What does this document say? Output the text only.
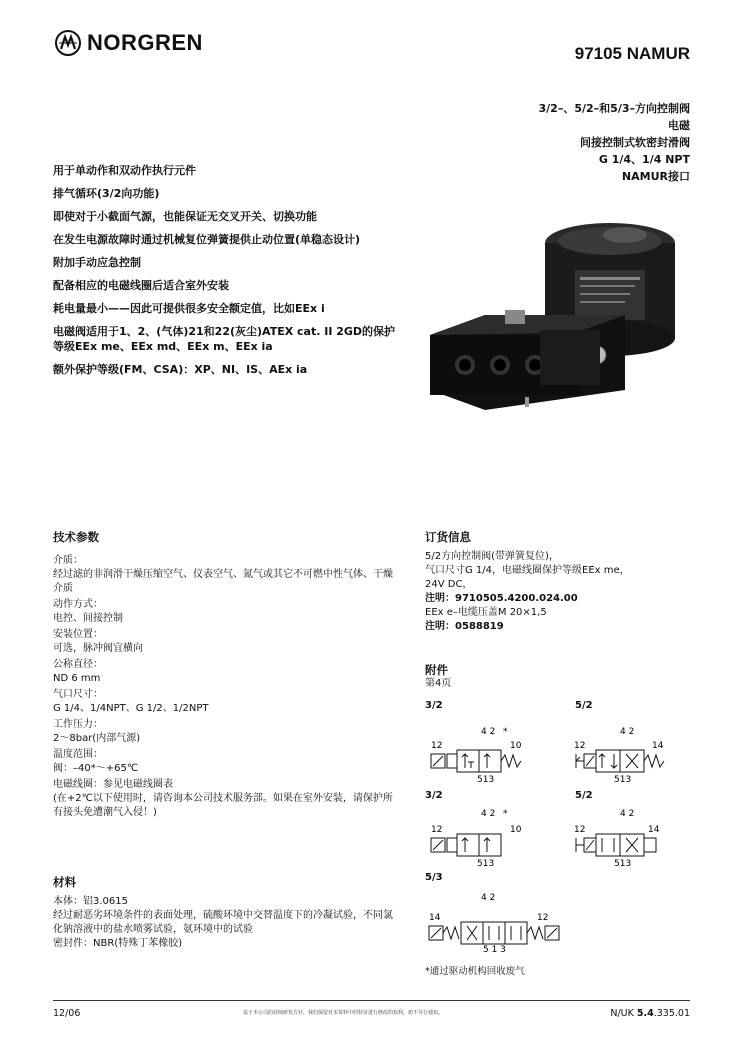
NORGREN	97105 NAMUR
3/2–、5/2–和5/3–方向控制阀
电磁
间接控制式软密封滑阀
G 1/4、1/4 NPT
NAMUR接口
用于单动作和双动作执行元件
排气循环(3/2向功能)
即使对于小截面气源，也能保证无交叉开关、切换功能
在发生电源故障时通过机械复位弹簧提供止动位置(单稳态设计)
附加手动应急控制
配备相应的电磁线圈后适合室外安装
耗电量最小——因此可提供很多安全额定值，比如EEx i
电磁阀适用于1、2、(气体)21和22(灰尘)ATEX cat. II 2GD的保护等级EEx me、EEx md、EEx m、EEx ia
额外保护等级(FM、CSA)：XP、NI、IS、AEx ia
技术参数
介质：
经过滤的非润滑干燥压缩空气、仪表空气、氮气或其它不可燃中性气体、干燥介质
动作方式：
电控、间接控制
安装位置：
可选，脉冲阀宜横向
公称直径：
ND 6 mm
气口尺寸：
G 1/4、1/4NPT、G 1/2、1/2NPT
工作压力：
2～8bar(内部气源)
温度范围：
阀：–40*～+65℃
电磁线圈：参见电磁线圈表
(在+2℃以下使用时，请咨询本公司技术服务部。如果在室外安装，请保护所有接头免遭潮气入侵！)
材料
本体：铝3.0615
经过耐恶劣环境条件的表面处理，硫酸环境中交替温度下的冷凝试验，不同氯化钠溶液中的盐水喷雾试验，氨环境中的试验
密封件：NBR(特殊丁苯橡胶)
订货信息
5/2方向控制阀(带弹簧复位)，
气口尺寸G 1/4，电磁线圈保护等级EEx me，
24V DC，
注明：9710505.4200.024.00
EEx e–电缆压盖M 20×1,5
注明：0588819
附件
第4页
3/2
12
4 2 *
10
513
5/2
12
4 2
14
513
3/2
12
4 2 *
10
513
5/2
12
4 2
14
513
5/3
14
4 2
12
5 1 3
*通过驱动机构回收废气
12/06	基于本公司的持续研发方针，我们保留对本资料中的特征进行修改的权利，恕不另行通知。	N/UK 5.4.335.01
